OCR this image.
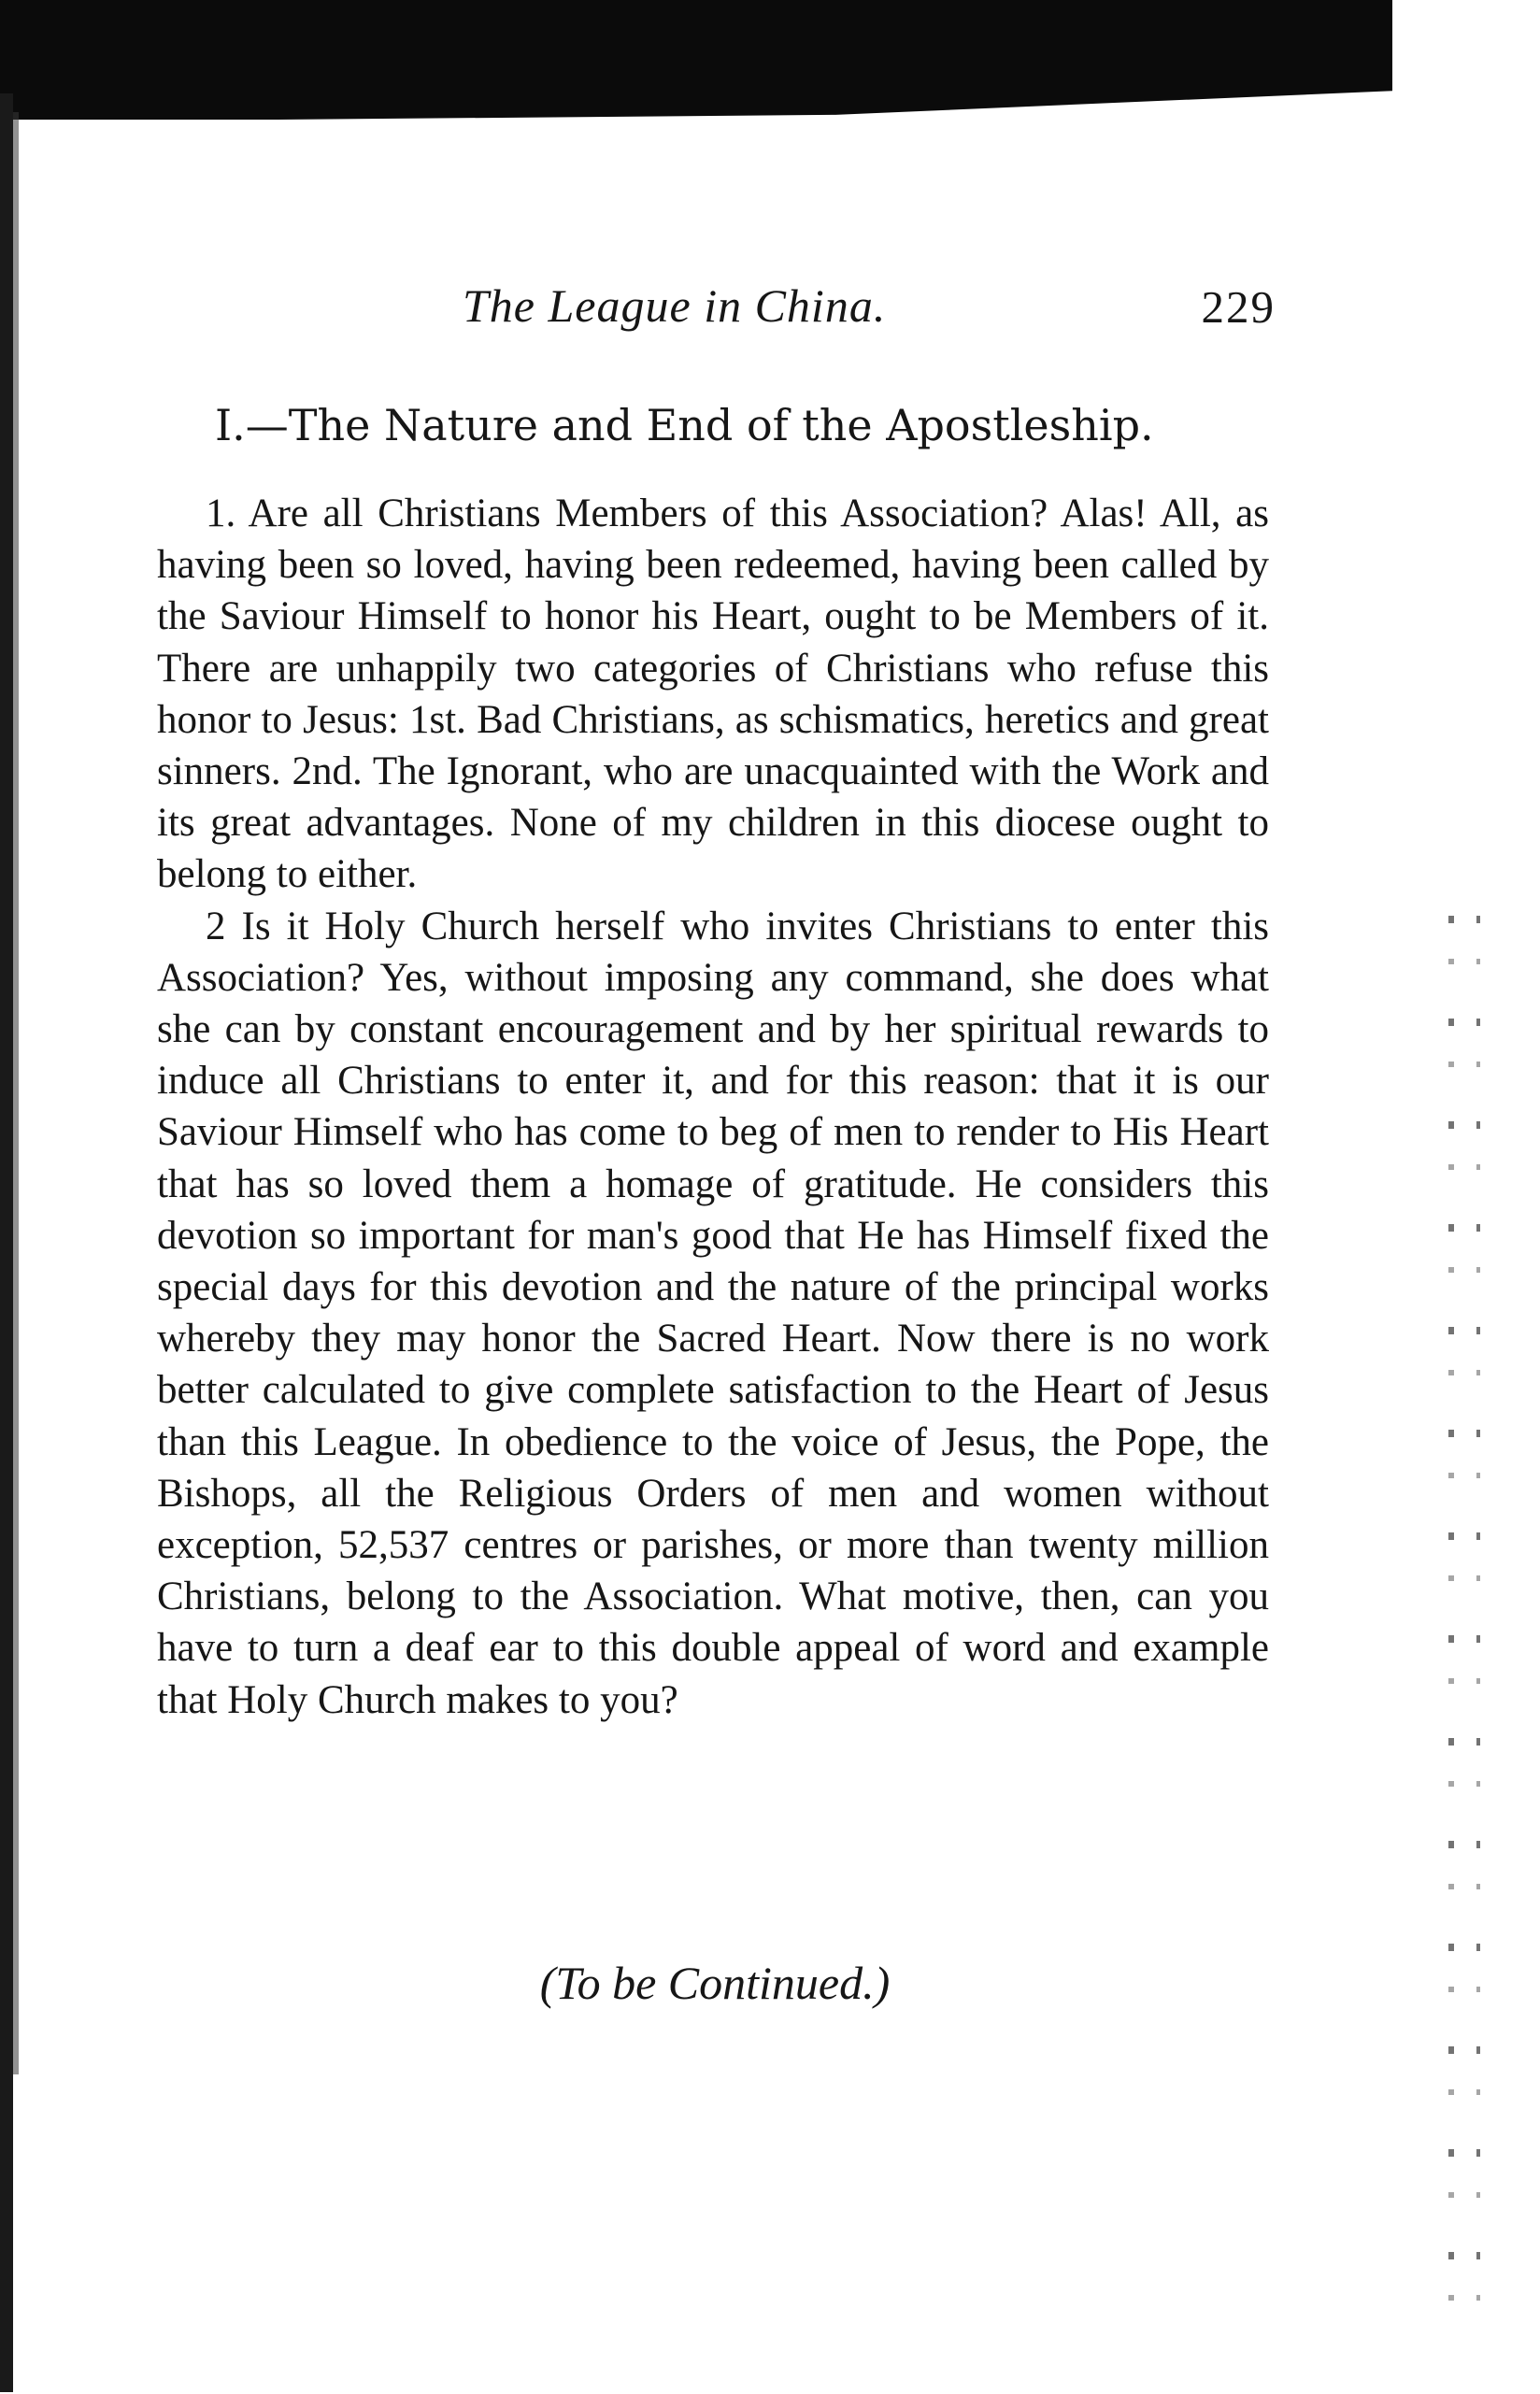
The League in China.	229
I.—The Nature and End of the Apostleship.

1. Are all Christians Members of this Association? Alas! All, as having been so loved, having been redeemed, having been called by the Saviour Himself to honor his Heart, ought to be Members of it. There are unhappily two categories of Christians who refuse this honor to Jesus: 1st. Bad Christians, as schismatics, heretics and great sinners. 2nd. The Ignorant, who are unacquainted with the Work and its great advantages. None of my children in this diocese ought to belong to either.

2 Is it Holy Church herself who invites Christians to enter this Association? Yes, without imposing any command, she does what she can by constant encouragement and by her spiritual rewards to induce all Christians to enter it, and for this reason: that it is our Saviour Himself who has come to beg of men to render to His Heart that has so loved them a homage of gratitude. He considers this devotion so important for man's good that He has Himself fixed the special days for this devotion and the nature of the principal works whereby they may honor the Sacred Heart. Now there is no work better calculated to give complete satisfaction to the Heart of Jesus than this League. In obedience to the voice of Jesus, the Pope, the Bishops, all the Religious Orders of men and women without exception, 52,537 centres or parishes, or more than twenty million Christians, belong to the Association. What motive, then, can you have to turn a deaf ear to this double appeal of word and example that Holy Church makes to you?

(To be Continued.)
